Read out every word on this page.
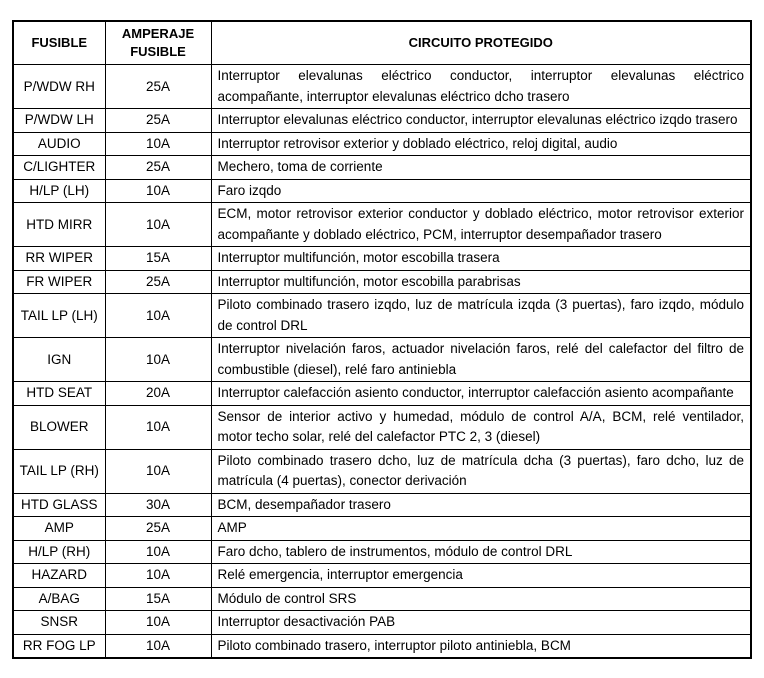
FUSIBLE	AMPERAJE FUSIBLE	CIRCUITO PROTEGIDO
P/WDW RH	25A	Interruptor elevalunas eléctrico conductor, interruptor elevalunas eléctrico acompañante, interruptor elevalunas eléctrico dcho trasero
P/WDW LH	25A	Interruptor elevalunas eléctrico conductor, interruptor elevalunas eléctrico izqdo trasero
AUDIO	10A	Interruptor retrovisor exterior y doblado eléctrico, reloj digital, audio
C/LIGHTER	25A	Mechero, toma de corriente
H/LP (LH)	10A	Faro izqdo
HTD MIRR	10A	ECM, motor retrovisor exterior conductor y doblado eléctrico, motor retrovisor exterior acompañante y doblado eléctrico, PCM, interruptor desempañador trasero
RR WIPER	15A	Interruptor multifunción, motor escobilla trasera
FR WIPER	25A	Interruptor multifunción, motor escobilla parabrisas
TAIL LP (LH)	10A	Piloto combinado trasero izqdo, luz de matrícula izqda (3 puertas), faro izqdo, módulo de control DRL
IGN	10A	Interruptor nivelación faros, actuador nivelación faros, relé del calefactor del filtro de combustible (diesel), relé faro antiniebla
HTD SEAT	20A	Interruptor calefacción asiento conductor, interruptor calefacción asiento acompañante
BLOWER	10A	Sensor de interior activo y humedad, módulo de control A/A, BCM, relé ventilador, motor techo solar, relé del calefactor PTC 2, 3 (diesel)
TAIL LP (RH)	10A	Piloto combinado trasero dcho, luz de matrícula dcha (3 puertas), faro dcho, luz de matrícula (4 puertas), conector derivación
HTD GLASS	30A	BCM, desempañador trasero
AMP	25A	AMP
H/LP (RH)	10A	Faro dcho, tablero de instrumentos, módulo de control DRL
HAZARD	10A	Relé emergencia, interruptor emergencia
A/BAG	15A	Módulo de control SRS
SNSR	10A	Interruptor desactivación PAB
RR FOG LP	10A	Piloto combinado trasero, interruptor piloto antiniebla, BCM
